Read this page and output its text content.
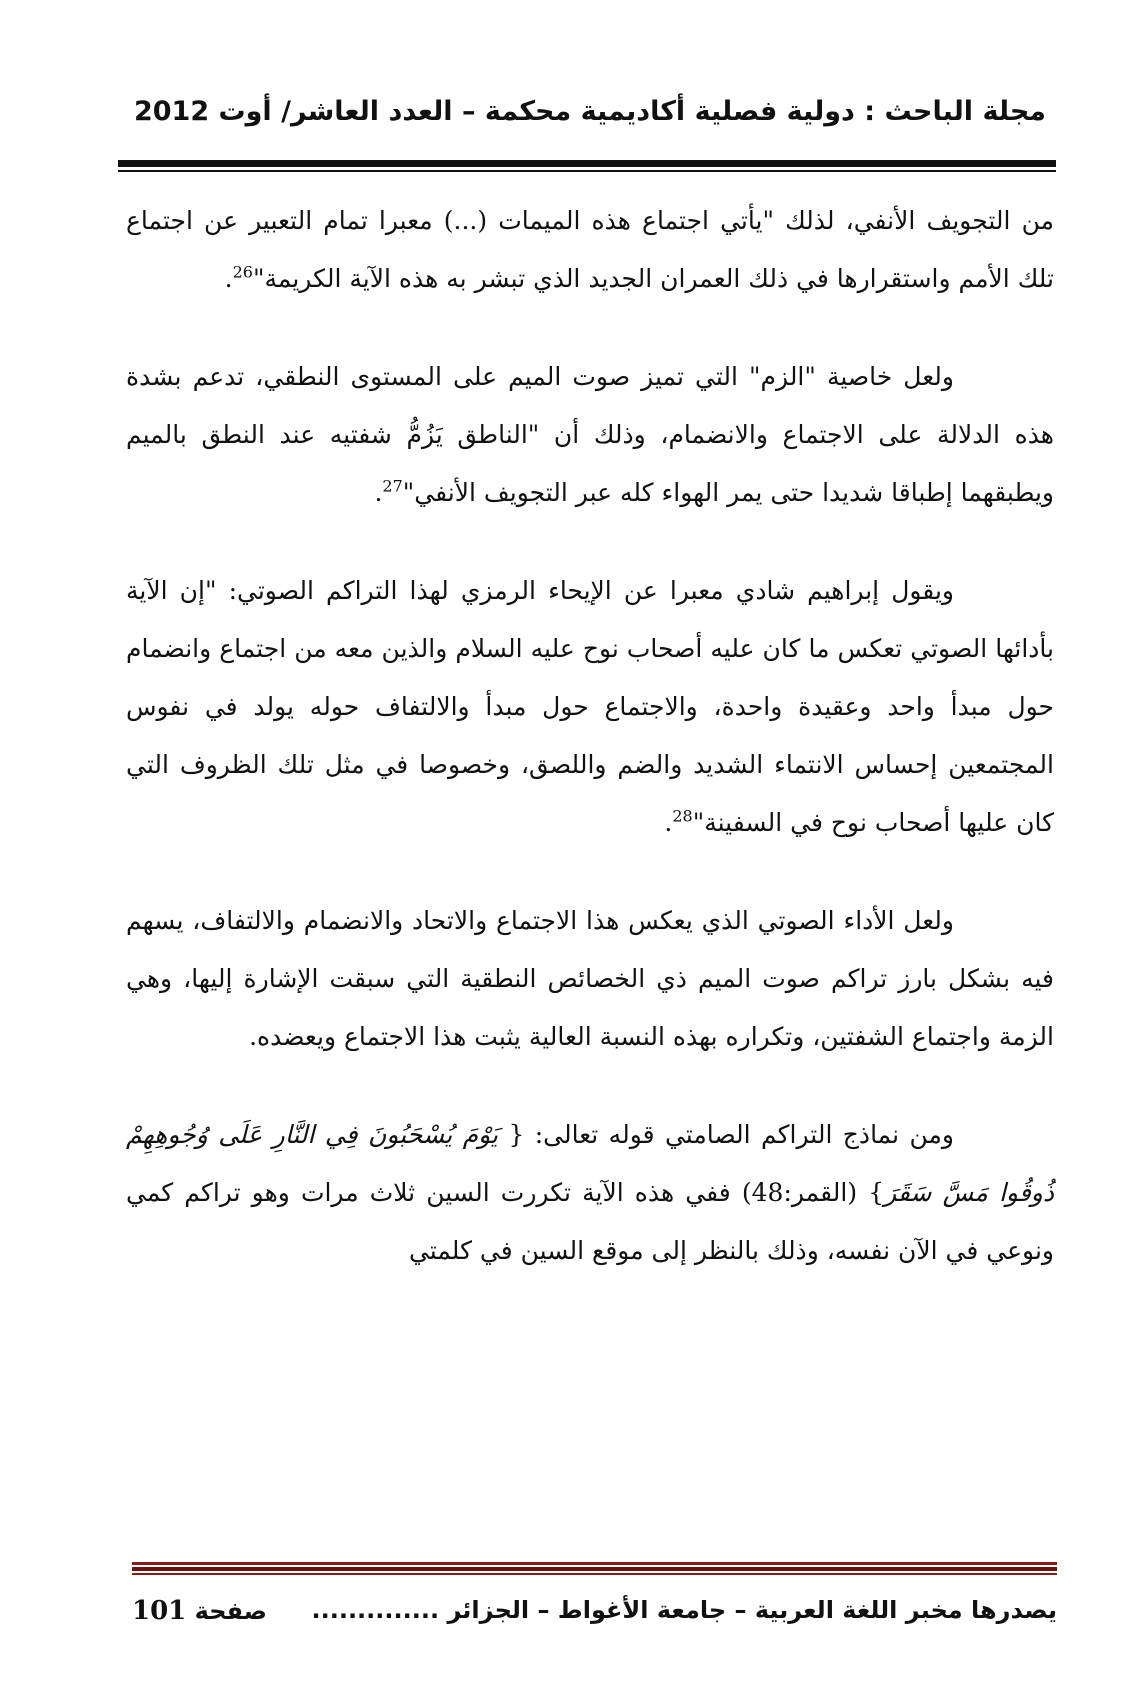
مجلة الباحث : دولية فصلية أكاديمية محكمة – العدد العاشر/ أوت 2012

من التجويف الأنفي، لذلك "يأتي اجتماع هذه الميمات (...) معبرا تمام التعبير عن اجتماع تلك الأمم واستقرارها في ذلك العمران الجديد الذي تبشر به هذه الآية الكريمة"$^{26}$.

ولعل خاصية "الزم" التي تميز صوت الميم على المستوى النطقي، تدعم بشدة هذه الدلالة على الاجتماع والانضمام، وذلك أن "الناطق يَزُمُّ شفتيه عند النطق بالميم ويطبقهما إطباقا شديدا حتى يمر الهواء كله عبر التجويف الأنفي"$^{27}$.

ويقول إبراهيم شادي معبرا عن الإيحاء الرمزي لهذا التراكم الصوتي: "إن الآية بأدائها الصوتي تعكس ما كان عليه أصحاب نوح عليه السلام والذين معه من اجتماع وانضمام حول مبدأ واحد وعقيدة واحدة، والاجتماع حول مبدأ والالتفاف حوله يولد في نفوس المجتمعين إحساس الانتماء الشديد والضم واللصق، وخصوصا في مثل تلك الظروف التي كان عليها أصحاب نوح في السفينة"$^{28}$.

ولعل الأداء الصوتي الذي يعكس هذا الاجتماع والاتحاد والانضمام والالتفاف، يسهم فيه بشكل بارز تراكم صوت الميم ذي الخصائص النطقية التي سبقت الإشارة إليها، وهي الزمة واجتماع الشفتين، وتكراره بهذه النسبة العالية يثبت هذا الاجتماع ويعضده.

ومن نماذج التراكم الصامتي قوله تعالى: { يَوْمَ يُسْحَبُونَ فِي النَّارِ عَلَى وُجُوهِهِمْ ذُوقُوا مَسَّ سَقَرَ} (القمر:48) ففي هذه الآية تكررت السين ثلاث مرات وهو تراكم كمي ونوعي في الآن نفسه، وذلك بالنظر إلى موقع السين في كلمتي

يصدرها مخبر اللغة العربية – جامعة الأغواط – الجزائر ..............
صفحة 101
